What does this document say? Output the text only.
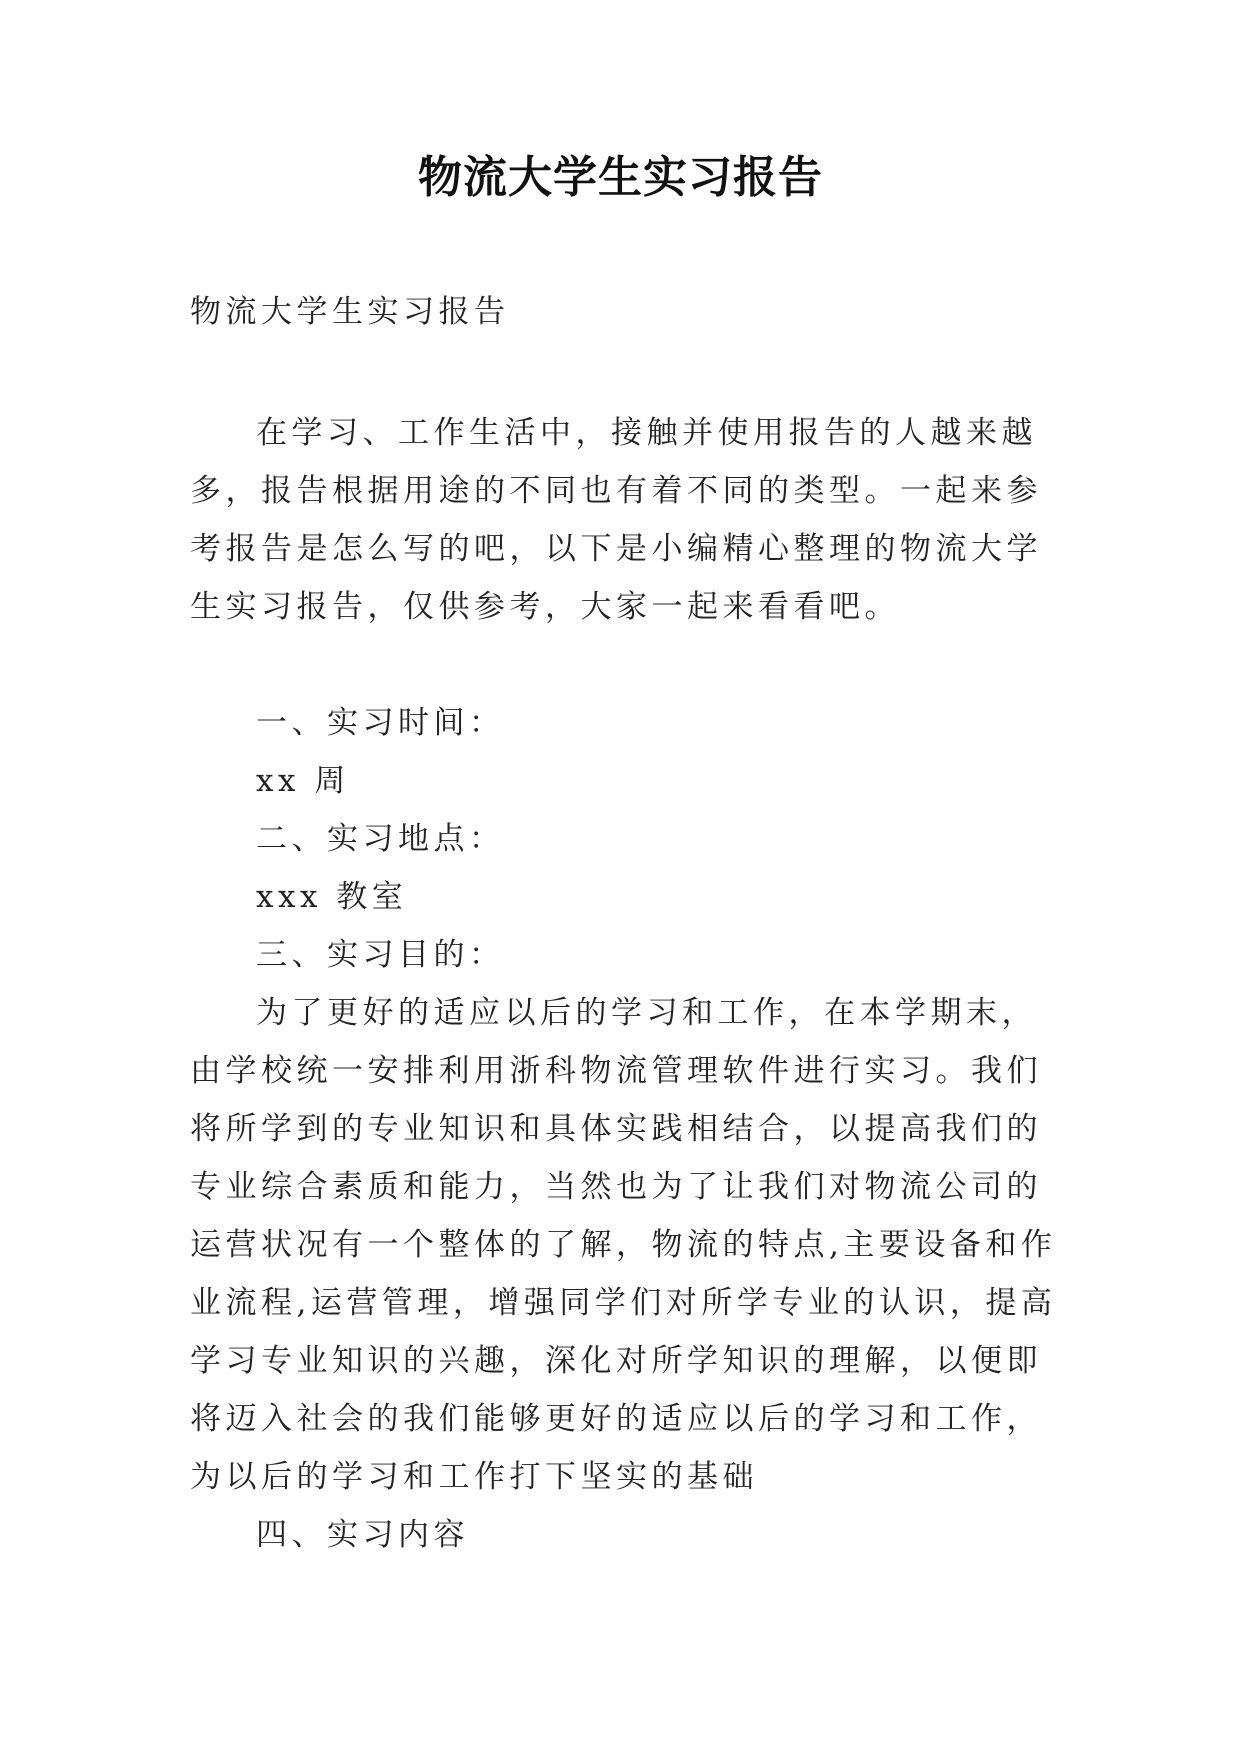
物流大学生实习报告
物流大学生实习报告
在学习、工作生活中，接触并使用报告的人越来越多，报告根据用途的不同也有着不同的类型。一起来参考报告是怎么写的吧，以下是小编精心整理的物流大学生实习报告，仅供参考，大家一起来看看吧。
一、实习时间：
xx 周
二、实习地点：
xxx 教室
三、实习目的：
为了更好的适应以后的学习和工作，在本学期末，由学校统一安排利用浙科物流管理软件进行实习。我们将所学到的专业知识和具体实践相结合，以提高我们的专业综合素质和能力，当然也为了让我们对物流公司的运营状况有一个整体的了解，物流的特点,主要设备和作业流程,运营管理，增强同学们对所学专业的认识，提高学习专业知识的兴趣，深化对所学知识的理解，以便即将迈入社会的我们能够更好的适应以后的学习和工作，为以后的学习和工作打下坚实的基础
四、实习内容
